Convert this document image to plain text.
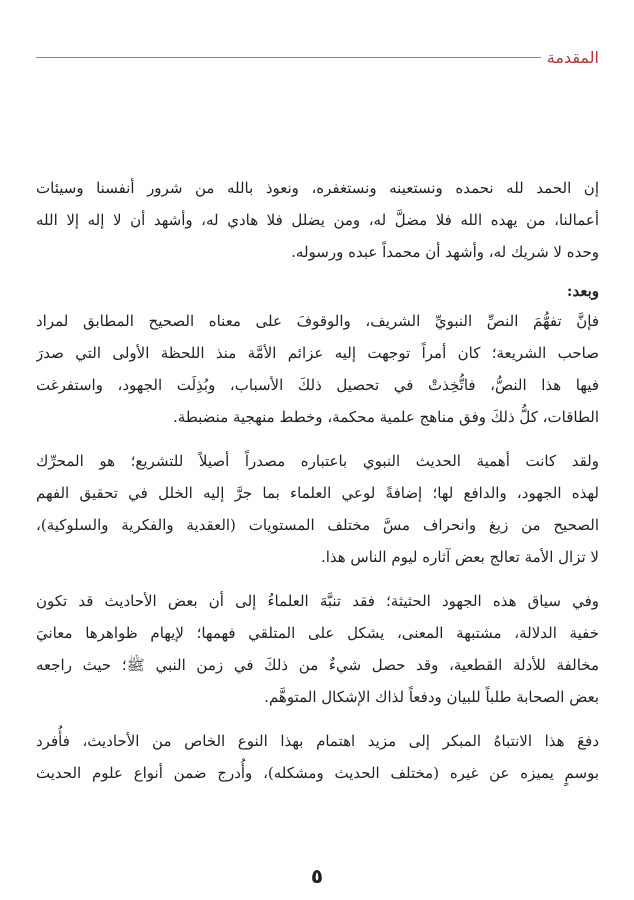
المقدمة
إن الحمد لله نحمده ونستعينه ونستغفره، ونعوذ بالله من شرور أنفسنا وسيئات
أعمالنا، من يهده الله فلا مضلَّ له، ومن يضلل فلا هادي له، وأشهد أن لا إله إلا الله
وحده لا شريك له، وأشهد أن محمداً عبده ورسوله.
وبعد:
فإنَّ تفهُّمَ النصِّ النبويِّ الشريف، والوقوفَ على معناه الصحيح المطابق لمراد
صاحب الشريعة؛ كان أمراً توجهت إليه عزائم الأمَّة منذ اللحظة الأولى التي صدرَ
فيها هذا النصُّ، فاتُّخِذتْ في تحصيل ذلكَ الأسباب، وبُذِلَت الجهود، واستفرغت
الطاقات، كلُّ ذلكَ وفق مناهج علمية محكمة، وخطط منهجية منضبطة.
ولقد كانت أهمية الحديث النبوي باعتباره مصدراً أصيلاً للتشريع؛ هو المحرِّك
لهذه الجهود، والدافع لها؛ إضافةً لوعي العلماء بما جرَّ إليه الخلل في تحقيق الفهم
الصحيح من زيغ وانحراف مسَّ مختلف المستويات (العقدية والفكرية والسلوكية)،
لا تزال الأمة تعالج بعض آثاره ليوم الناس هذا.
وفي سياق هذه الجهود الحثيثة؛ فقد تنبَّهَ العلماءُ إلى أن بعض الأحاديث قد تكون
خفية الدلالة، مشتبهة المعنى، يشكل على المتلقي فهمها؛ لإيهام ظواهرها معانيَ
مخالفة للأدلة القطعية، وقد حصل شيءٌ من ذلكَ في زمن النبي ﷺ؛ حيث راجعه
بعض الصحابة طلباً للبيان ودفعاً لذاك الإشكال المتوهَّم.
دفعَ هذا الانتباهُ المبكر إلى مزيد اهتمام بهذا النوع الخاص من الأحاديث، فأُفرد
بوسمٍ يميزه عن غيره (مختلف الحديث ومشكله)، وأُدرج ضمن أنواع علوم الحديث
٥
